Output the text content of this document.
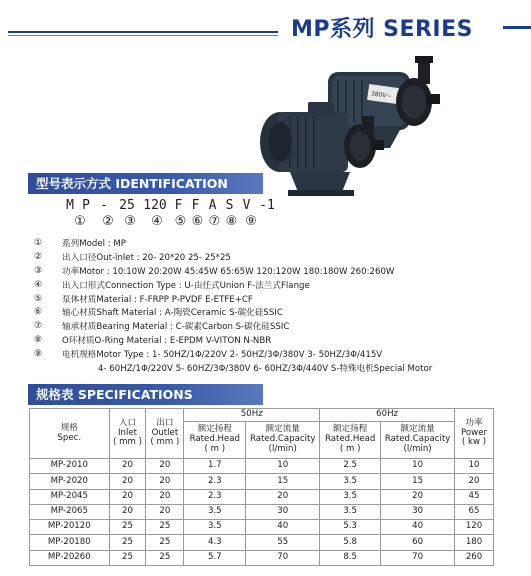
MP系列 SERIES
380V~
型号表示方式 IDENTIFICATION
M P - 25 120 F F A S V -1
① ② ③ ④ ⑤ ⑥ ⑦ ⑧ ⑨
①	系列Model : MP
②	出入口径Out-inlet : 20- 20*20 25- 25*25
③	功率Motor : 10:10W 20:20W 45:45W 65:65W 120:120W 180:180W 260:260W
④	出入口形式Connection Type : U-由任式Union F-法兰式Flange
⑤	泵体材质Material : F-FRPP P-PVDF E-ETFE+CF
⑥	轴心材质Shaft Material : A-陶瓷Ceramic S-碳化硅SSIC
⑦	轴承材质Bearing Material : C-碳素Carbon S-碳化硅SSIC
⑧	O环材质O-Ring Material : E-EPDM V-VITON N-NBR
⑨	电机规格Motor Type : 1- 50HZ/1Φ/220V 2- 50HZ/3Φ/380V 3- 50HZ/3Φ/415V
4- 60HZ/1Φ/220V 5- 60HZ/3Φ/380V 6- 60HZ/3Φ/440V S-特殊电机Special Motor
规格表 SPECIFICATIONS
规格
Spec.	入口
Inlet
( mm )	出口
Outlet
( mm )	50Hz		60Hz		功率
Power
( kw )
			额定扬程
Rated.Head
( m )	额定流量
Rated.Capacity
(l/min)	额定扬程
Rated.Head
( m )	额定流量
Rated.Capacity
(l/min)	
MP-2010	20	20	1.7	10	2.5	10	10
MP-2020	20	20	2.3	15	3.5	15	20
MP-2045	20	20	2.3	20	3.5	20	45
MP-2065	20	20	3.5	30	3.5	30	65
MP-20120	25	25	3.5	40	5.3	40	120
MP-20180	25	25	4.3	55	5.8	60	180
MP-20260	25	25	5.7	70	8.5	70	260
